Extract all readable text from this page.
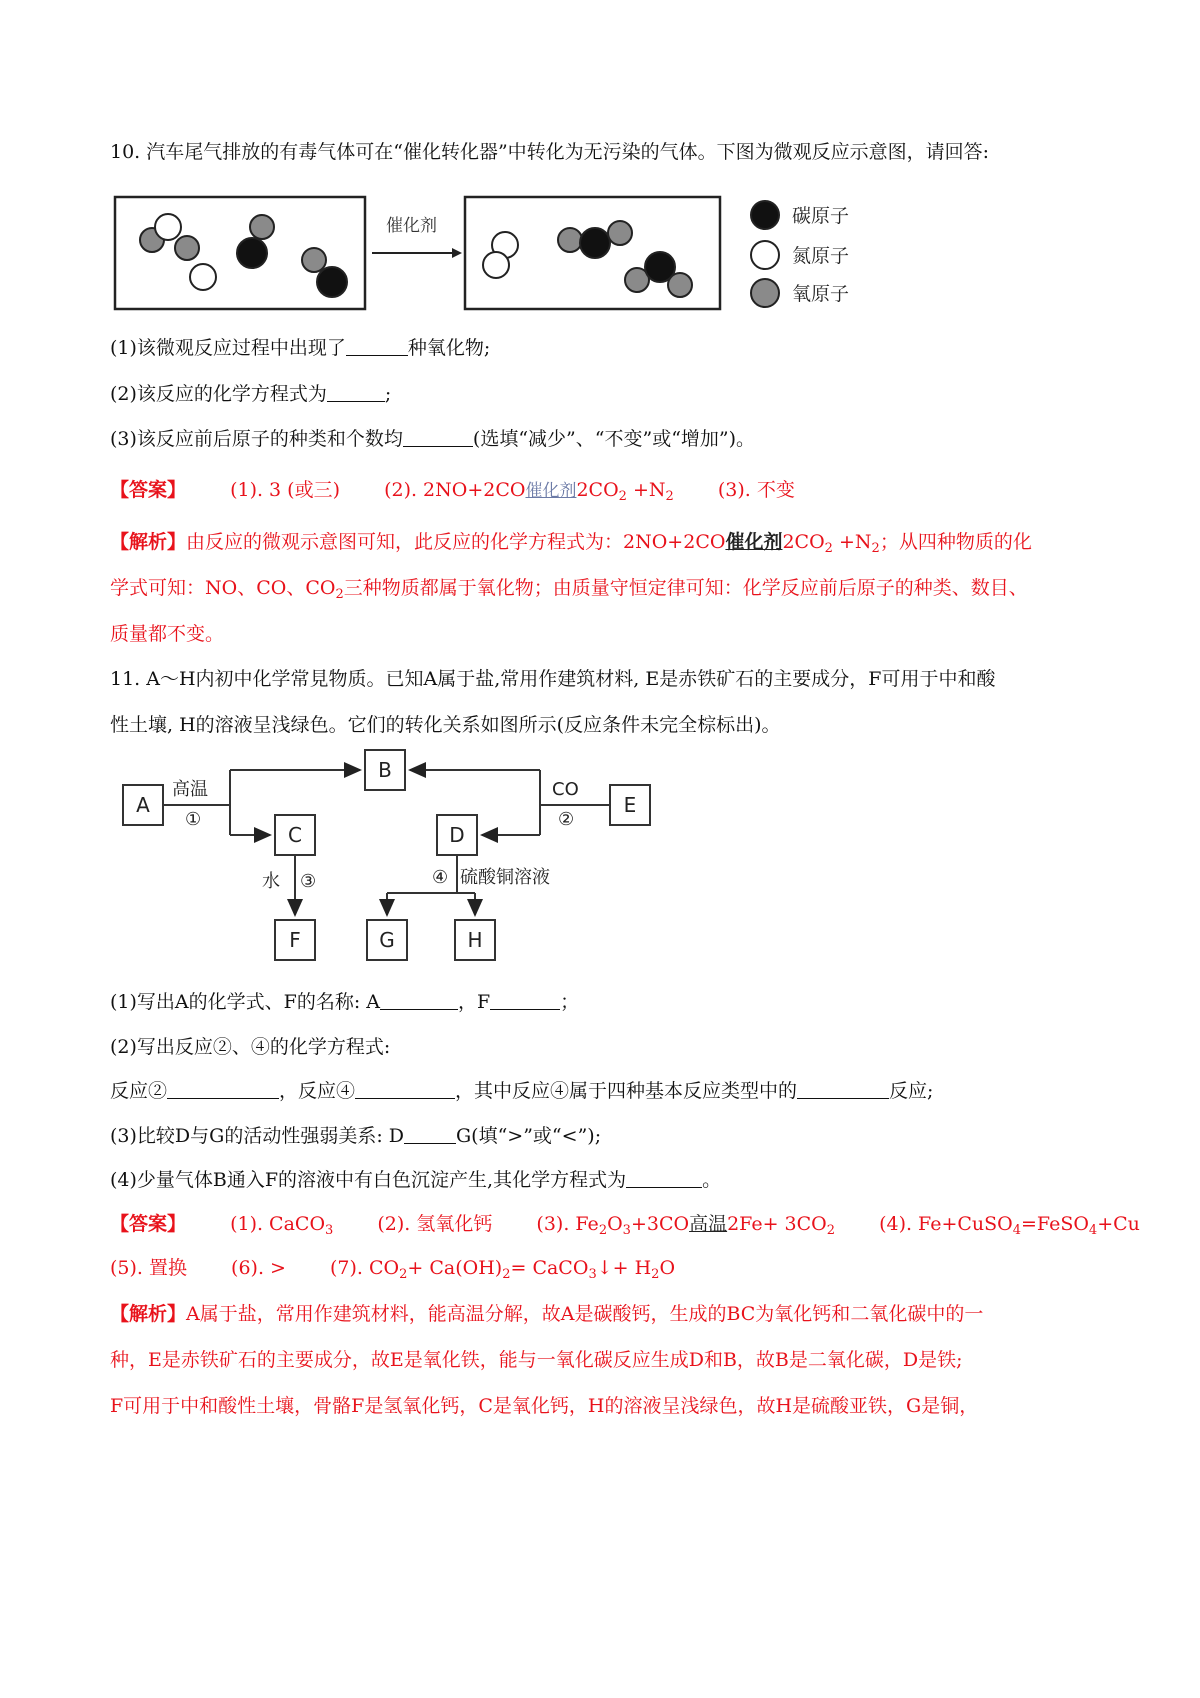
10. 汽车尾气排放的有毒气体可在“催化转化器”中转化为无污染的气体。下图为微观反应示意图，请回答:
催化剂	碳原子
氮原子
氧原子
(1)该微观反应过程中出现了	种氧化物;
(2)该反应的化学方程式为	;
(3)该反应前后原子的种类和个数均	(选填“减少”、“不变”或“增加”)。
【答案】 (1). 3 (或三) (2). 2NO+2CO催化剂$2CO_2 +N_2$ (3). 不变
【解析】由反应的微观示意图可知，此反应的化学方程式为：2NO+2CO催化剂$2CO_2 +N_2$；从四种物质的化
学式可知：NO、CO、$CO_2$三种物质都属于氧化物；由质量守恒定律可知：化学反应前后原子的种类、数目、
质量都不变。
11. A～H内初中化学常見物质。已知A属于盐,常用作建筑材料, E是赤铁矿石的主要成分，F可用于中和酸
性土壤, H的溶液呈浅绿色。它们的转化关系如图所示(反应条件未完全棕标出)。
A
B
C	D
E
F	G	H
高温
①
CO
②
水 ③	④ 硫酸铜溶液
(1)写出A的化学式、F的名称: A	，F	；
(2)写出反应②、④的化学方程式:
反应②	，反应④	，其中反应④属于四种基本反应类型中的	反应;
(3)比较D与G的活动性强弱美系: D	G(填“>”或“<”);
(4)少量气体B通入F的溶液中有白色沉淀产生,其化学方程式为	。
【答案】 (1). CaCO$_3$ (2). 氢氧化钙 (3). $Fe_2O_3+3CO$高温$2Fe+ 3CO_2$ (4). Fe+CuSO$_4$=FeSO$_4$+Cu
(5). 置换 (6). > (7). $CO_2+ Ca(OH)_2=$ CaCO$_3$↓+ $H_2O$
【解析】A属于盐，常用作建筑材料，能高温分解，故A是碳酸钙，生成的BC为氧化钙和二氧化碳中的一
种，E是赤铁矿石的主要成分，故E是氧化铁，能与一氧化碳反应生成D和B，故B是二氧化碳，D是铁;
F可用于中和酸性土壤，骨骼F是氢氧化钙，C是氧化钙，H的溶液呈浅绿色，故H是硫酸亚铁，G是铜，
